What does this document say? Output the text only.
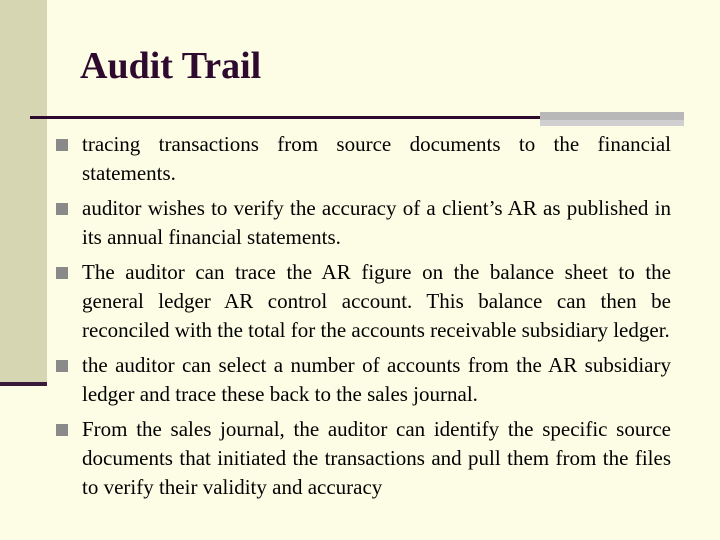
Audit Trail
tracing transactions from source documents to the financial statements.
auditor wishes to verify the accuracy of a client’s AR as published in its annual financial statements.
The auditor can trace the AR figure on the balance sheet to the general ledger AR control account. This balance can then be reconciled with the total for the accounts receivable subsidiary ledger.
the auditor can select a number of accounts from the AR subsidiary ledger and trace these back to the sales journal.
From the sales journal, the auditor can identify the specific source documents that initiated the transactions and pull them from the files to verify their validity and accuracy
